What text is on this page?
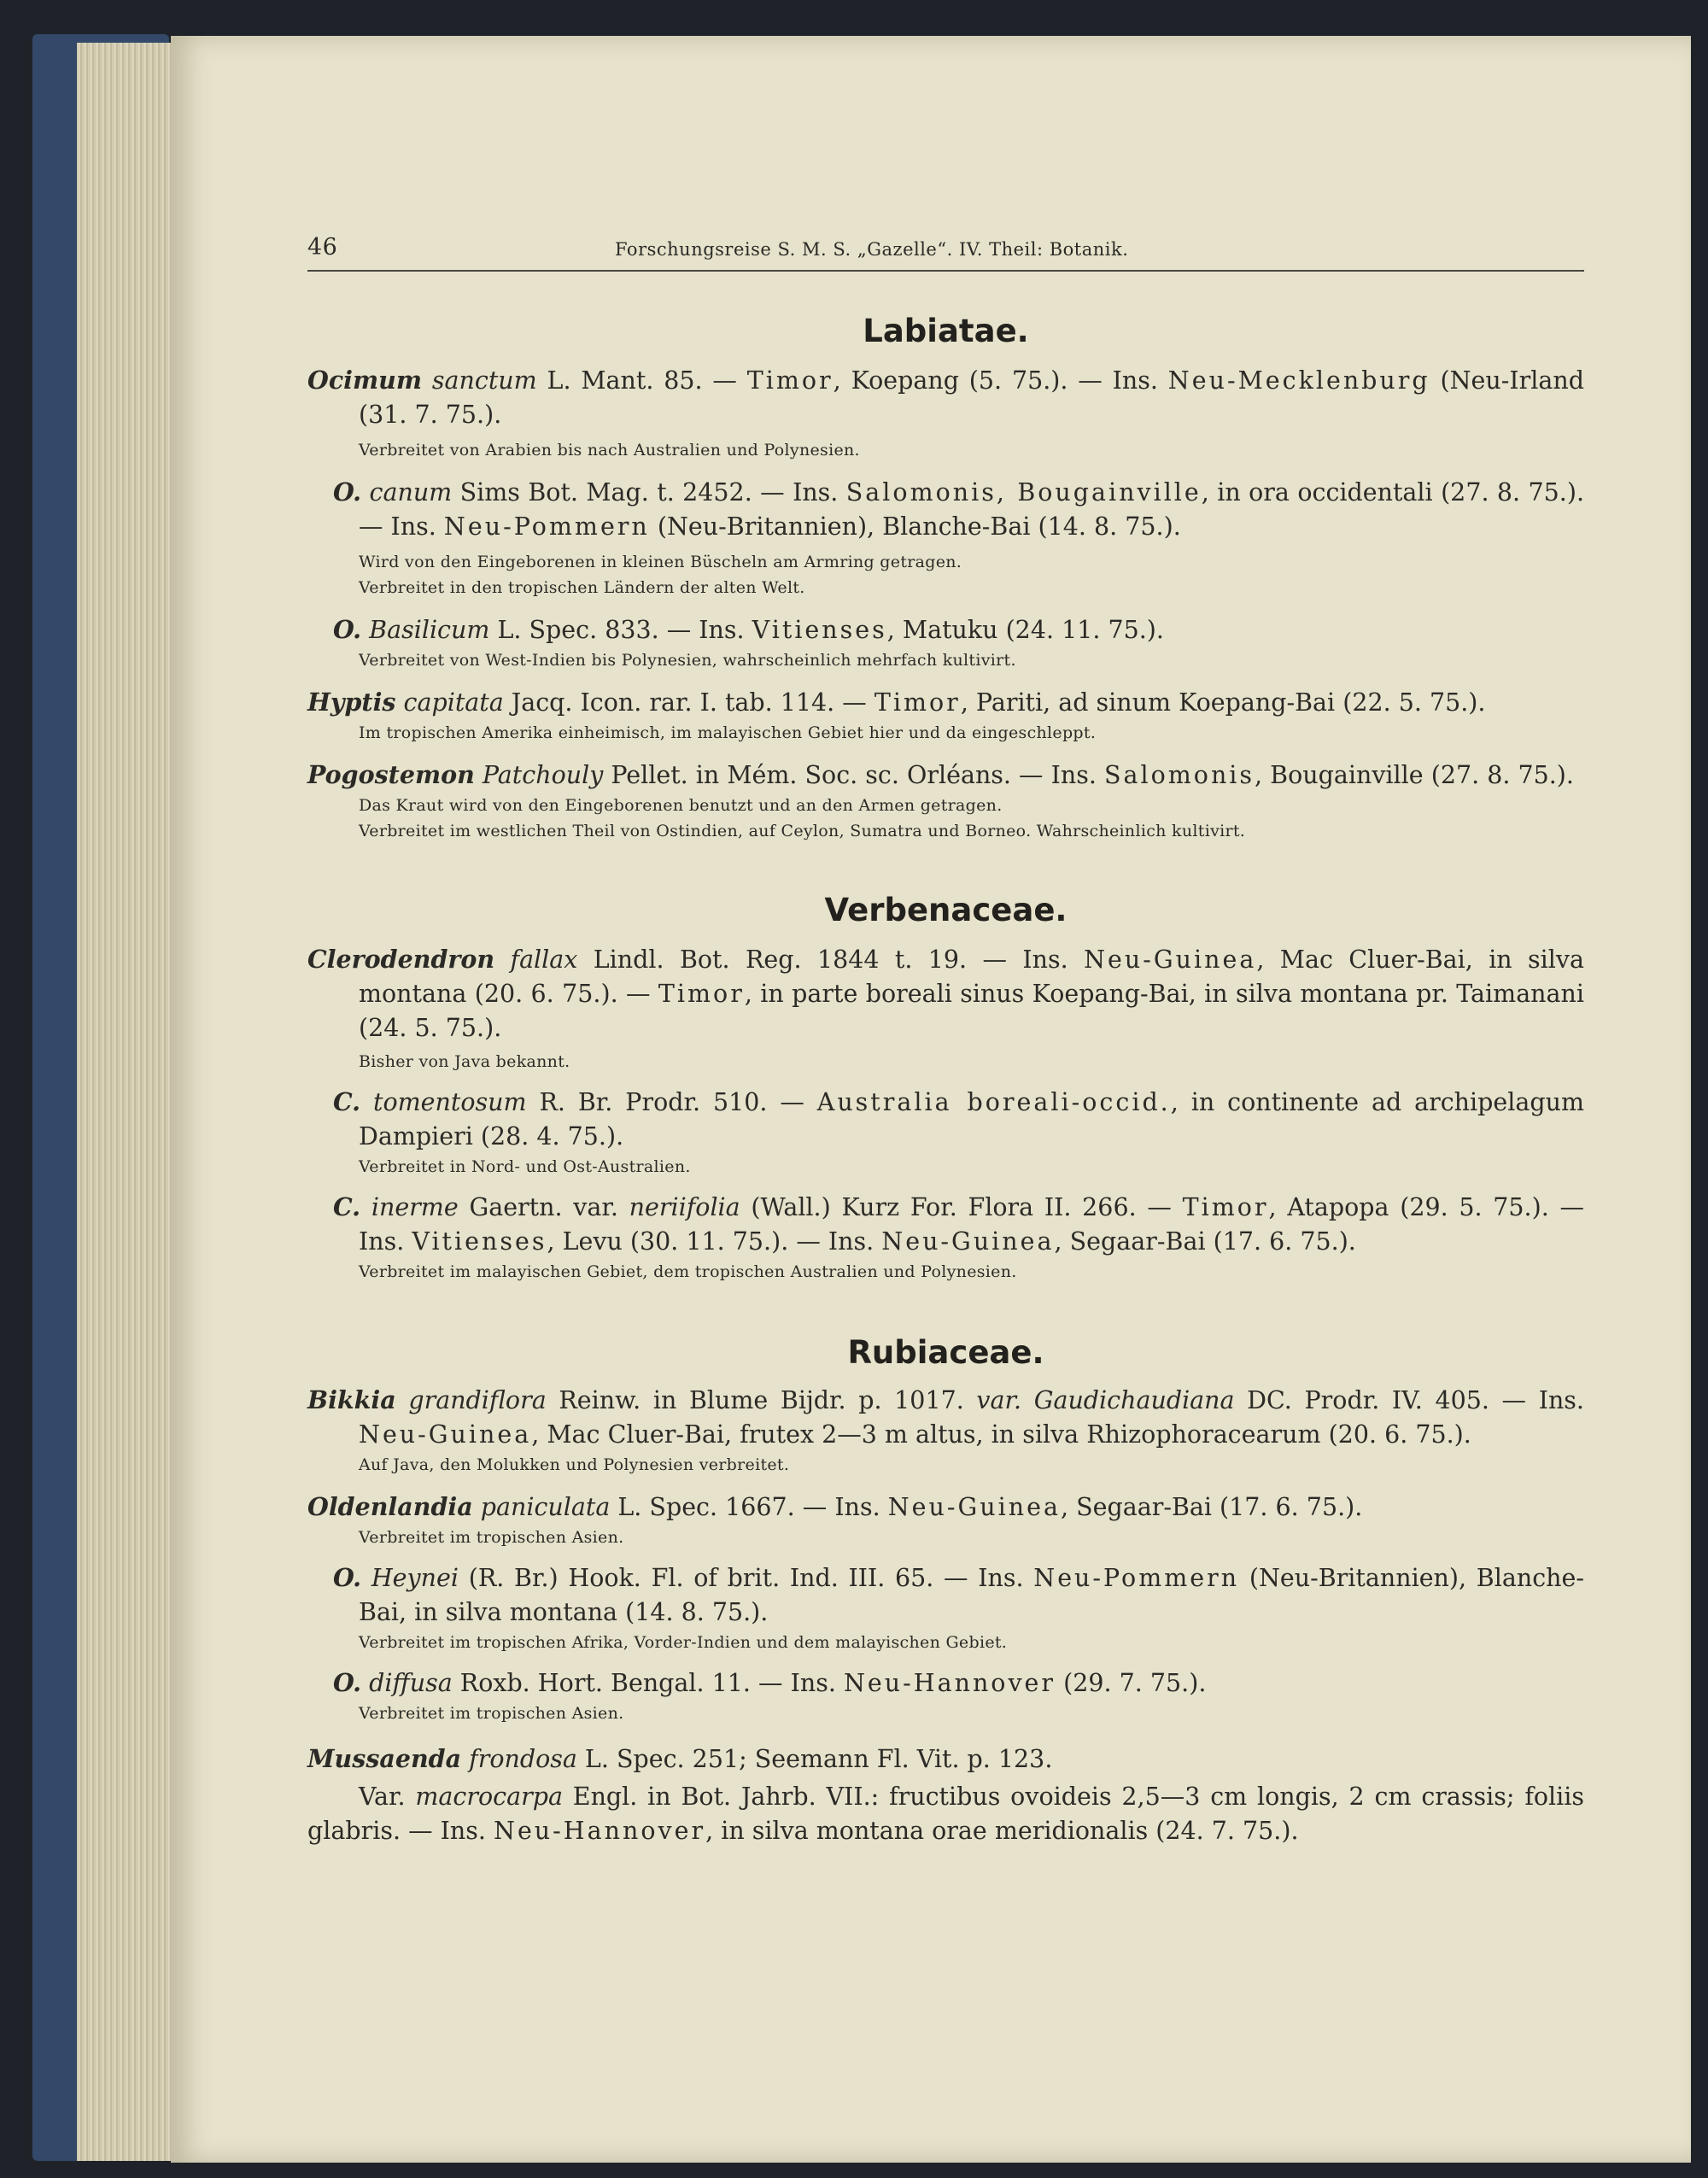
46	Forschungsreise S. M. S. „Gazelle“. IV. Theil: Botanik.
Labiatae.

Ocimum sanctum L. Mant. 85. — Timor, Koepang (5. 75.). — Ins. Neu-Mecklenburg (Neu-Irland (31. 7. 75.).

Verbreitet von Arabien bis nach Australien und Polynesien.

O. canum Sims Bot. Mag. t. 2452. — Ins. Salomonis, Bougainville, in ora occidentali (27. 8. 75.). — Ins. Neu-Pommern (Neu-Britannien), Blanche-Bai (14. 8. 75.).

Wird von den Eingeborenen in kleinen Büscheln am Armring getragen.

Verbreitet in den tropischen Ländern der alten Welt.

O. Basilicum L. Spec. 833. — Ins. Vitienses, Matuku (24. 11. 75.).

Verbreitet von West-Indien bis Polynesien, wahrscheinlich mehrfach kultivirt.

Hyptis capitata Jacq. Icon. rar. I. tab. 114. — Timor, Pariti, ad sinum Koepang-Bai (22. 5. 75.).

Im tropischen Amerika einheimisch, im malayischen Gebiet hier und da eingeschleppt.

Pogostemon Patchouly Pellet. in Mém. Soc. sc. Orléans. — Ins. Salomonis, Bougainville (27. 8. 75.).

Das Kraut wird von den Eingeborenen benutzt und an den Armen getragen.

Verbreitet im westlichen Theil von Ostindien, auf Ceylon, Sumatra und Borneo. Wahrscheinlich kultivirt.

Verbenaceae.

Clerodendron fallax Lindl. Bot. Reg. 1844 t. 19. — Ins. Neu-Guinea, Mac Cluer-Bai, in silva montana (20. 6. 75.). — Timor, in parte boreali sinus Koepang-Bai, in silva montana pr. Taimanani (24. 5. 75.).

Bisher von Java bekannt.

C. tomentosum R. Br. Prodr. 510. — Australia boreali-occid., in continente ad archipelagum Dampieri (28. 4. 75.).

Verbreitet in Nord- und Ost-Australien.

C. inerme Gaertn. var. neriifolia (Wall.) Kurz For. Flora II. 266. — Timor, Atapopa (29. 5. 75.). — Ins. Vitienses, Levu (30. 11. 75.). — Ins. Neu-Guinea, Segaar-Bai (17. 6. 75.).

Verbreitet im malayischen Gebiet, dem tropischen Australien und Polynesien.

Rubiaceae.

Bikkia grandiflora Reinw. in Blume Bijdr. p. 1017. var. Gaudichaudiana DC. Prodr. IV. 405. — Ins. Neu-Guinea, Mac Cluer-Bai, frutex 2—3 m altus, in silva Rhizophoracearum (20. 6. 75.).

Auf Java, den Molukken und Polynesien verbreitet.

Oldenlandia paniculata L. Spec. 1667. — Ins. Neu-Guinea, Segaar-Bai (17. 6. 75.).

Verbreitet im tropischen Asien.

O. Heynei (R. Br.) Hook. Fl. of brit. Ind. III. 65. — Ins. Neu-Pommern (Neu-Britannien), Blanche-Bai, in silva montana (14. 8. 75.).

Verbreitet im tropischen Afrika, Vorder-Indien und dem malayischen Gebiet.

O. diffusa Roxb. Hort. Bengal. 11. — Ins. Neu-Hannover (29. 7. 75.).

Verbreitet im tropischen Asien.

Mussaenda frondosa L. Spec. 251; Seemann Fl. Vit. p. 123.

Var. macrocarpa Engl. in Bot. Jahrb. VII.: fructibus ovoideis 2,5—3 cm longis, 2 cm crassis; foliis glabris. — Ins. Neu-Hannover, in silva montana orae meridionalis (24. 7. 75.).
